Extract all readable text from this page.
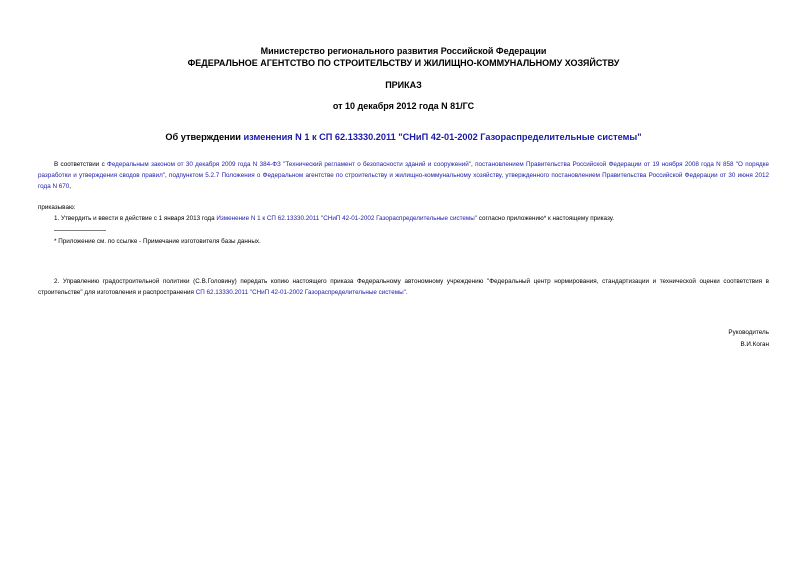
Министерство регионального развития Российской Федерации
ФЕДЕРАЛЬНОЕ АГЕНТСТВО ПО СТРОИТЕЛЬСТВУ И ЖИЛИЩНО-КОММУНАЛЬНОМУ ХОЗЯЙСТВУ
ПРИКАЗ
от 10 декабря 2012 года N 81/ГС
Об утверждении изменения N 1 к СП 62.13330.2011 "СНиП 42-01-2002 Газораспределительные системы"
В соответствии с Федеральным законом от 30 декабря 2009 года N 384-ФЗ "Технический регламент о безопасности зданий и сооружений", постановлением Правительства Российской Федерации от 19 ноября 2008 года N 858 "О порядке разработки и утверждения сводов правил", подпунктом 5.2.7 Положения о Федеральном агентстве по строительству и жилищно-коммунальному хозяйству, утвержденного постановлением Правительства Российской Федерации от 30 июня 2012 года N 670,
приказываю:
1. Утвердить и ввести в действие с 1 января 2013 года Изменение N 1 к СП 62.13330.2011 "СНиП 42-01-2002 Газораспределительные системы" согласно приложению* к настоящему приказу.
* Приложение см. по ссылке - Примечание изготовителя базы данных.
2. Управлению градостроительной политики (С.В.Головину) передать копию настоящего приказа Федеральному автономному учреждению "Федеральный центр нормирования, стандартизации и технической оценки соответствия в строительстве" для изготовления и распространения СП 62.13330.2011 "СНиП 42-01-2002 Газораспределительные системы".
Руководитель
В.И.Коган
